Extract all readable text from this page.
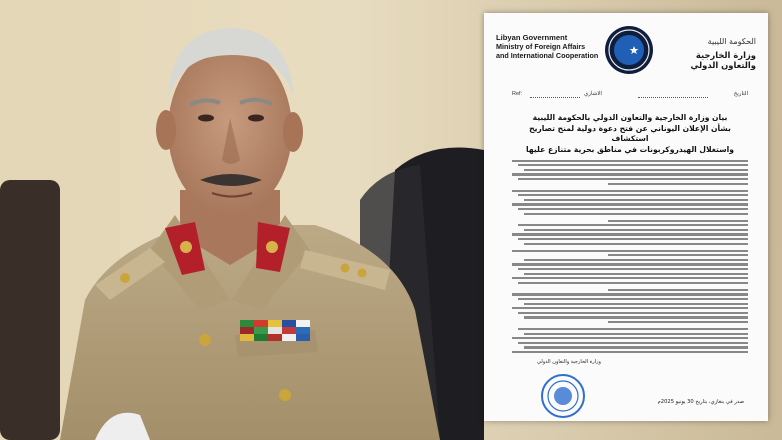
Libyan Government
Ministry of Foreign Affairs
and International Cooperation
الحكومة الليبية
وزارة الخارجية والتعاون الدولي
Ref:	الاشاري	التاريخ
بيان وزارة الخارجية والتعاون الدولي بالحكومة الليبية
بشأن الإعلان اليوناني عن فتح دعوة دولية لمنح تصاريح استكشاف
واستغلال الهيدروكربونات في مناطق بحرية متنازع عليها
وزارة الخارجية والتعاون الدولي
صدر في بنغازي، بتاريخ 30 يونيو 2025م
